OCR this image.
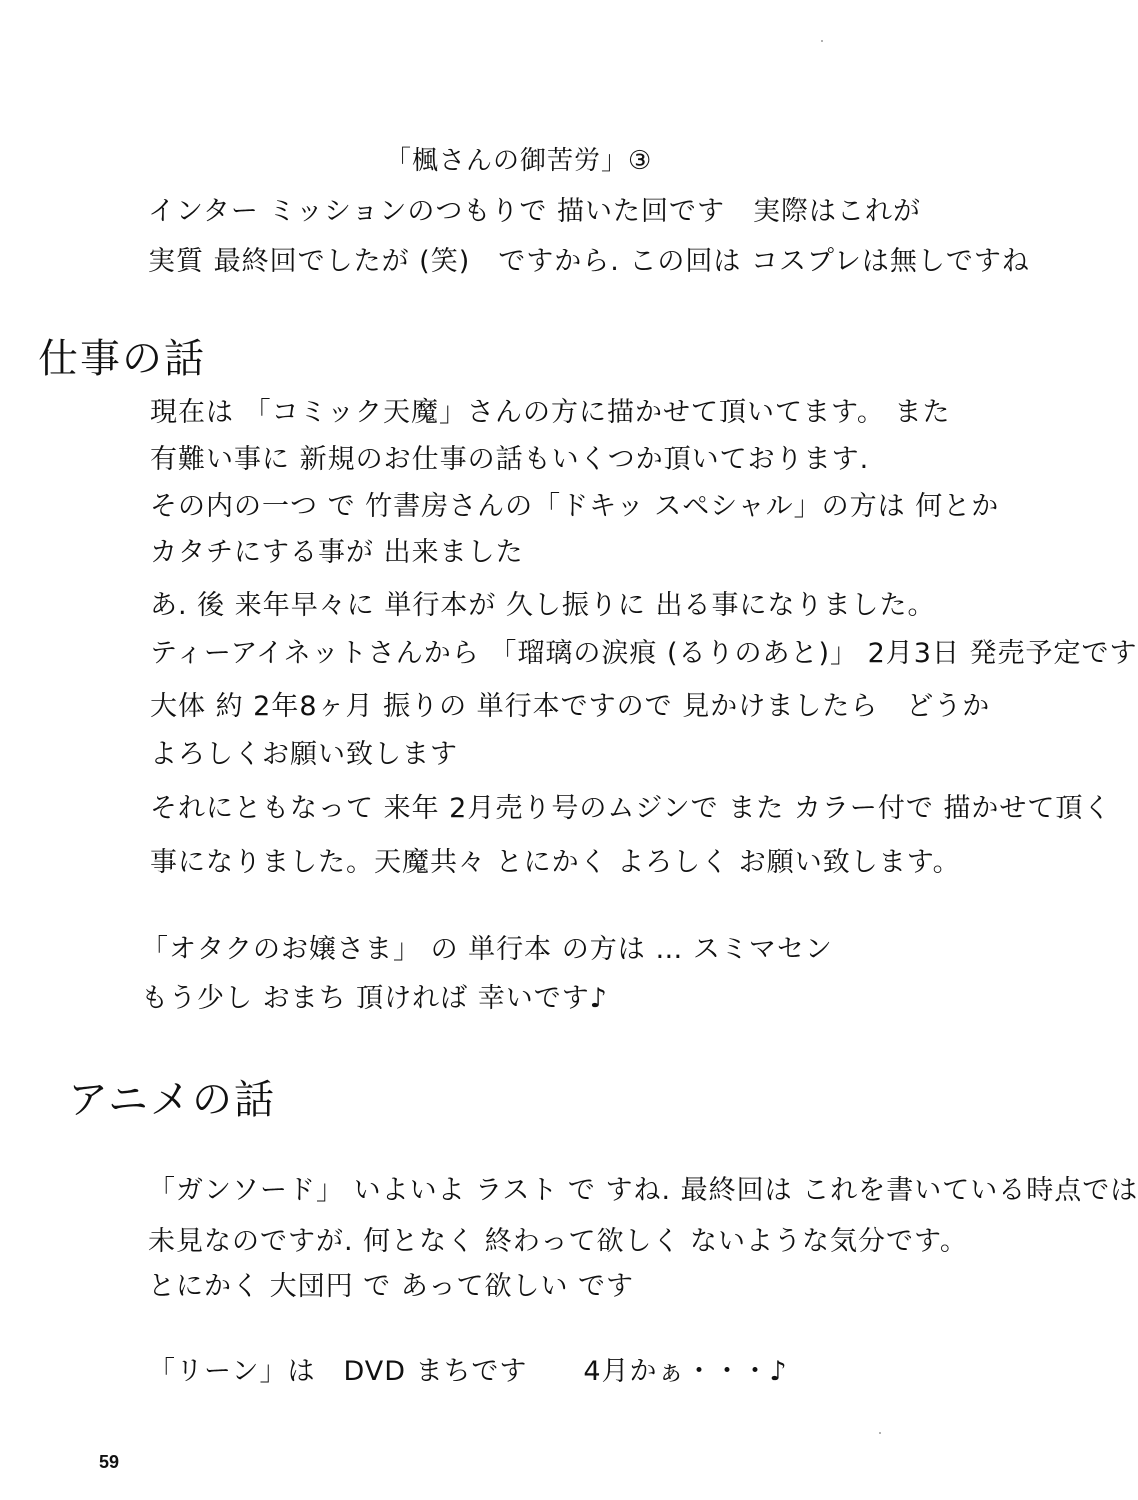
「楓さんの御苦労」③
インター ミッションのつもりで 描いた回です　実際はこれが
実質 最終回でしたが (笑)　ですから. この回は コスプレは無しですね
仕事の話
現在は 「コミック天魔」さんの方に描かせて頂いてます。 また
有難い事に 新規のお仕事の話もいくつか頂いております.
その内の一つ で 竹書房さんの「ドキッ スペシャル」の方は 何とか
カタチにする事が 出来ました
あ. 後 来年早々に 単行本が 久し振りに 出る事になりました。
ティーアイネットさんから 「瑠璃の涙痕 (るりのあと)」 2月3日 発売予定です
大体 約 2年8ヶ月 振りの 単行本ですので 見かけましたら　どうか
よろしくお願い致します
それにともなって 来年 2月売り号のムジンで また カラー付で 描かせて頂く
事になりました。天魔共々 とにかく よろしく お願い致します。
「オタクのお嬢さま」 の 単行本 の方は … スミマセン
もう少し おまち 頂ければ 幸いです♪
アニメの話
「ガンソード」 いよいよ ラスト で すね. 最終回は これを書いている時点では
未見なのですが. 何となく 終わって欲しく ないような気分です。
とにかく 大団円 で あって欲しい です
「リーン」は　DVD まちです　　4月かぁ・・・♪
59
